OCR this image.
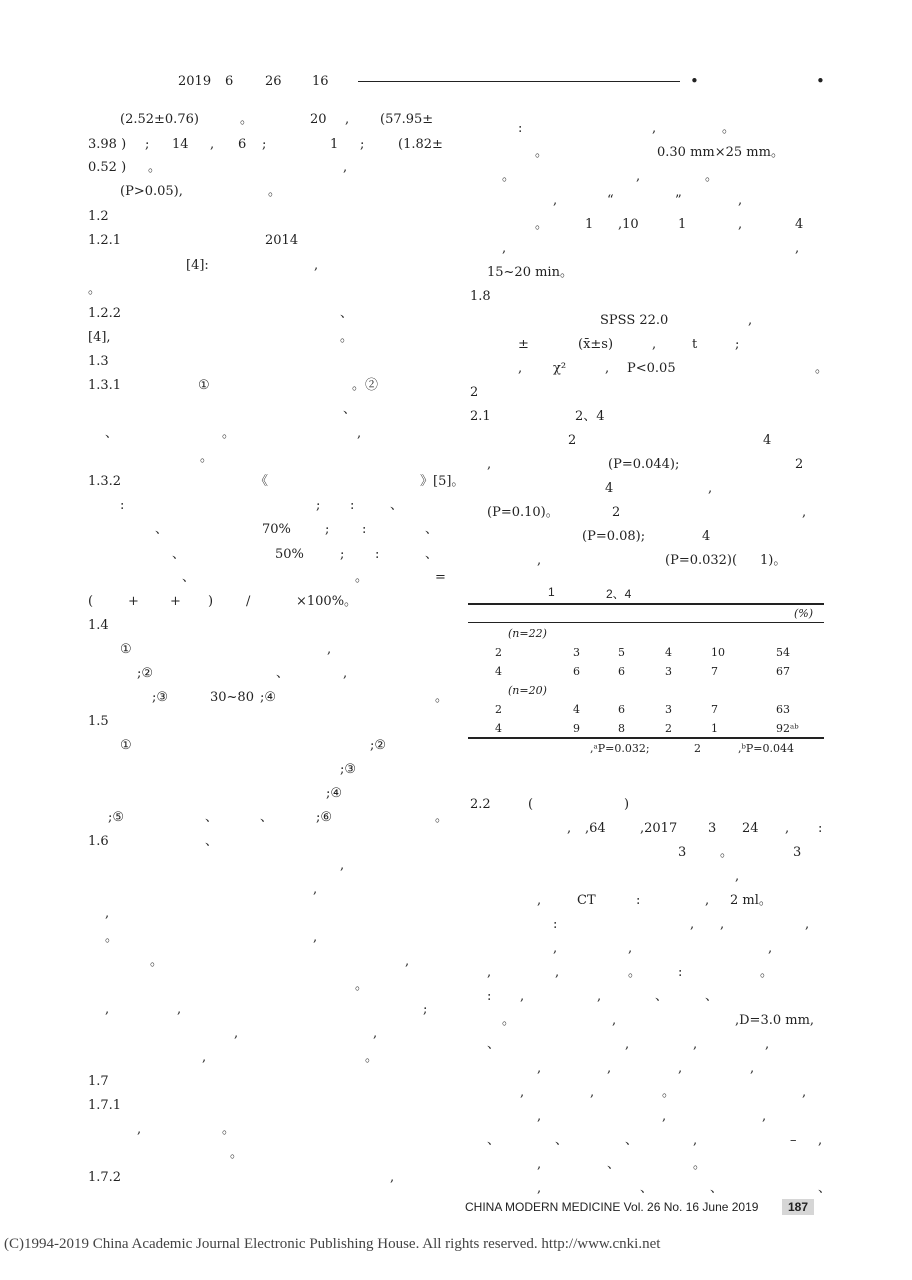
2019 6 26 16	•	•
(2.52±0.76)	。	20 , (57.95±
3.98 ) ; 14 , 6 ;	1 ;	(1.82±
0.52 ) 。	,
(P>0.05),	。
1.2
1.2.1	2014
[4]:	,
。
1.2.2	、
[4],	。
1.3
1.3.1	①	。②
、
、	。	,
。
1.3.2	《	》[5]。
:	; :	、
、	70%	;	:	、
、	50%	; :	、
、	。	=
(	+ + )	/	×100%。
1.4
①	,
;②	、	,
;③	30~80 ;④	。
1.5
①	;②
;③
;④
;⑤	、	、	;⑥	。
1.6	、
,
,
,
。	,
。	,
。
,	,	;
,	,
,	。
1.7
1.7.1
,	。
。
1.7.2	,
:	,	。
。	0.30 mm×25 mm。
。	,	。
,	“	”	,
。	1 ,10	1	,	4
,	,
15~20 min。
1.8
SPSS 22.0	,
±	(x̄±s)	,	t	;
, χ²	, P<0.05	。
2
2.1	2、4
2	4
,	(P=0.044);	2
4	,
(P=0.10)。	2	,
(P=0.08);	4
,	(P=0.032)( 1)。
2.2	(	)
, ,64	,2017 3 24 , :
3	。	3
,
,	CT	:	, 2 ml。
:	, ,	,
,	,	,
,	,	。	:	。
: ,	,	、	、
。	,	,D=3.0 mm,
、	,	,	,
,	,	,	,
,	,	。	,
,	,	,
、	、	、	,	– ,
,	、	。
,	、	、	、
1	2、4
(%)
(n=22)
2	3	5	4	10	54
4	6	6	3	7	67
(n=20)
2	4	6	3	7	63
4	9	8	2	1	92ᵃᵇ
,ᵃP=0.032;	2	,ᵇP=0.044
CHINA MODERN MEDICINE Vol. 26 No. 16 June 2019	187
(C)1994-2019 China Academic Journal Electronic Publishing House. All rights reserved. http://www.cnki.net
